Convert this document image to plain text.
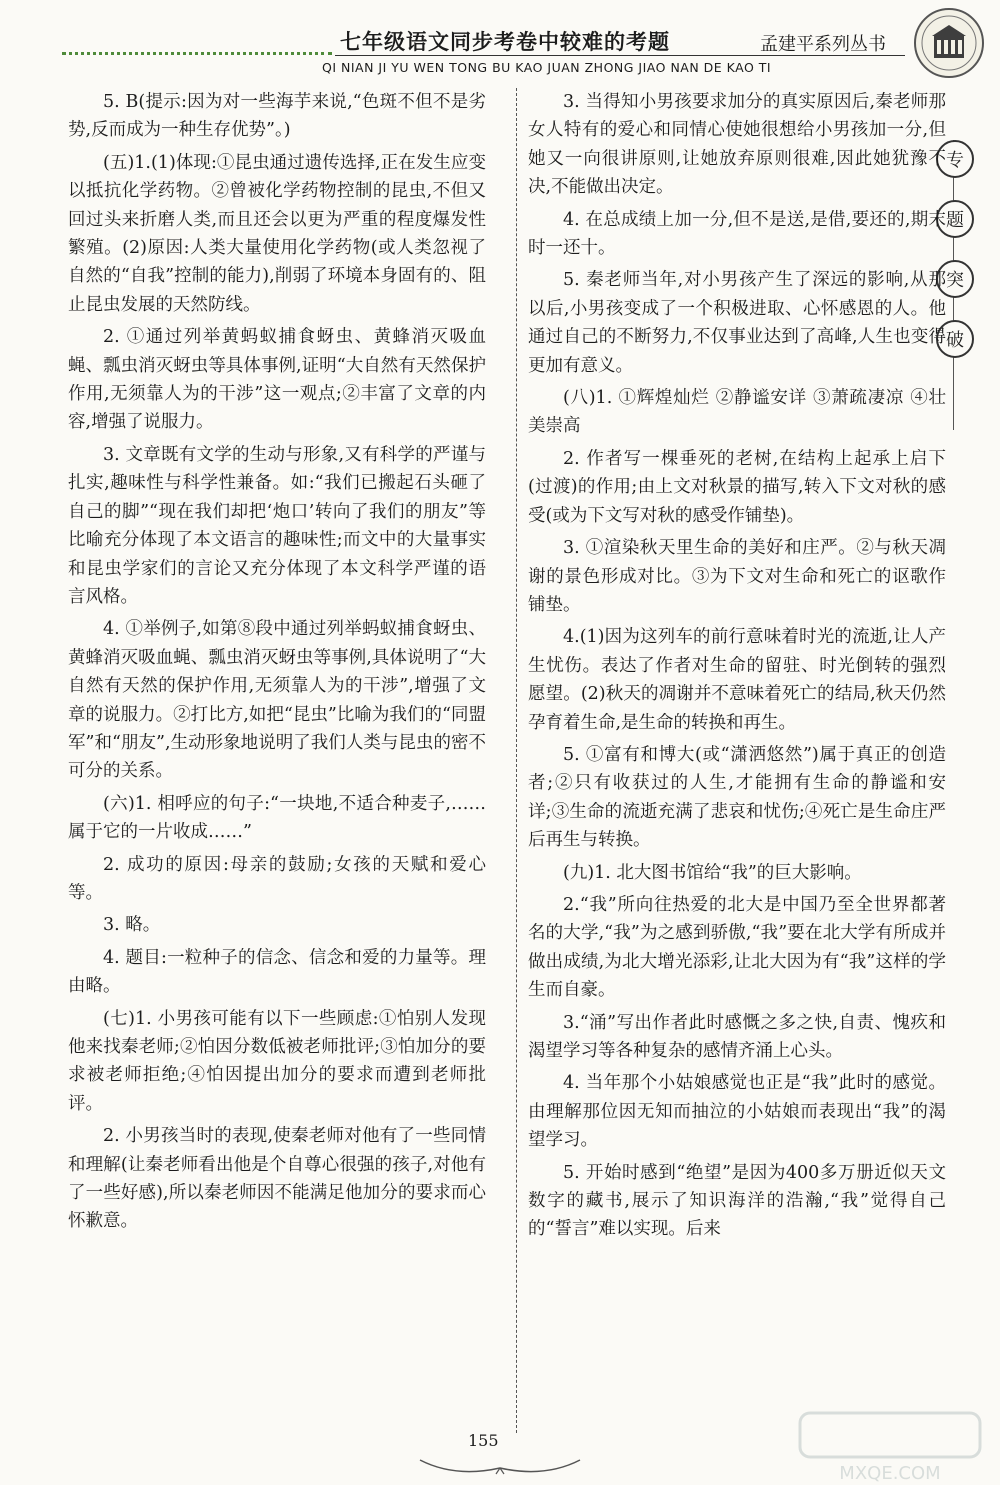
七年级语文同步考卷中较难的考题	孟建平系列丛书
QI NIAN JI YU WEN TONG BU KAO JUAN ZHONG JIAO NAN DE KAO TI
专
题
突
破

5. B(提示:因为对一些海芋来说,“色斑不但不是劣势,反而成为一种生存优势”。)

(五)1.(1)体现:①昆虫通过遗传选择,正在发生应变以抵抗化学药物。②曾被化学药物控制的昆虫,不但又回过头来折磨人类,而且还会以更为严重的程度爆发性繁殖。(2)原因:人类大量使用化学药物(或人类忽视了自然的“自我”控制的能力),削弱了环境本身固有的、阻止昆虫发展的天然防线。

2. ①通过列举黄蚂蚁捕食蚜虫、黄蜂消灭吸血蝇、瓢虫消灭蚜虫等具体事例,证明“大自然有天然保护作用,无须靠人为的干涉”这一观点;②丰富了文章的内容,增强了说服力。

3. 文章既有文学的生动与形象,又有科学的严谨与扎实,趣味性与科学性兼备。如:“我们已搬起石头砸了自己的脚”“现在我们却把‘炮口’转向了我们的朋友”等比喻充分体现了本文语言的趣味性;而文中的大量事实和昆虫学家们的言论又充分体现了本文科学严谨的语言风格。

4. ①举例子,如第⑧段中通过列举蚂蚁捕食蚜虫、黄蜂消灭吸血蝇、瓢虫消灭蚜虫等事例,具体说明了“大自然有天然的保护作用,无须靠人为的干涉”,增强了文章的说服力。②打比方,如把“昆虫”比喻为我们的“同盟军”和“朋友”,生动形象地说明了我们人类与昆虫的密不可分的关系。

(六)1. 相呼应的句子:“一块地,不适合种麦子,……属于它的一片收成……”

2. 成功的原因:母亲的鼓励;女孩的天赋和爱心等。

3. 略。

4. 题目:一粒种子的信念、信念和爱的力量等。理由略。

(七)1. 小男孩可能有以下一些顾虑:①怕别人发现他来找秦老师;②怕因分数低被老师批评;③怕加分的要求被老师拒绝;④怕因提出加分的要求而遭到老师批评。

2. 小男孩当时的表现,使秦老师对他有了一些同情和理解(让秦老师看出他是个自尊心很强的孩子,对他有了一些好感),所以秦老师因不能满足他加分的要求而心怀歉意。

3. 当得知小男孩要求加分的真实原因后,秦老师那女人特有的爱心和同情心使她很想给小男孩加一分,但她又一向很讲原则,让她放弃原则很难,因此她犹豫不决,不能做出决定。

4. 在总成绩上加一分,但不是送,是借,要还的,期末时一还十。

5. 秦老师当年,对小男孩产生了深远的影响,从那以后,小男孩变成了一个积极进取、心怀感恩的人。他通过自己的不断努力,不仅事业达到了高峰,人生也变得更加有意义。

(八)1. ①辉煌灿烂 ②静谧安详 ③萧疏凄凉 ④壮美崇高

2. 作者写一棵垂死的老树,在结构上起承上启下(过渡)的作用;由上文对秋景的描写,转入下文对秋的感受(或为下文写对秋的感受作铺垫)。

3. ①渲染秋天里生命的美好和庄严。②与秋天凋谢的景色形成对比。③为下文对生命和死亡的讴歌作铺垫。

4.(1)因为这列车的前行意味着时光的流逝,让人产生忧伤。表达了作者对生命的留驻、时光倒转的强烈愿望。(2)秋天的凋谢并不意味着死亡的结局,秋天仍然孕育着生命,是生命的转换和再生。

5. ①富有和博大(或“潇洒悠然”)属于真正的创造者;②只有收获过的人生,才能拥有生命的静谧和安详;③生命的流逝充满了悲哀和忧伤;④死亡是生命庄严后再生与转换。

(九)1. 北大图书馆给“我”的巨大影响。

2.“我”所向往热爱的北大是中国乃至全世界都著名的大学,“我”为之感到骄傲,“我”要在北大学有所成并做出成绩,为北大增光添彩,让北大因为有“我”这样的学生而自豪。

3.“涌”写出作者此时感慨之多之快,自责、愧疚和渴望学习等各种复杂的感情齐涌上心头。

4. 当年那个小姑娘感觉也正是“我”此时的感觉。由理解那位因无知而抽泣的小姑娘而表现出“我”的渴望学习。

5. 开始时感到“绝望”是因为400多万册近似天文数字的藏书,展示了知识海洋的浩瀚,“我”觉得自己的“誓言”难以实现。后来

155
MXQE.COM
